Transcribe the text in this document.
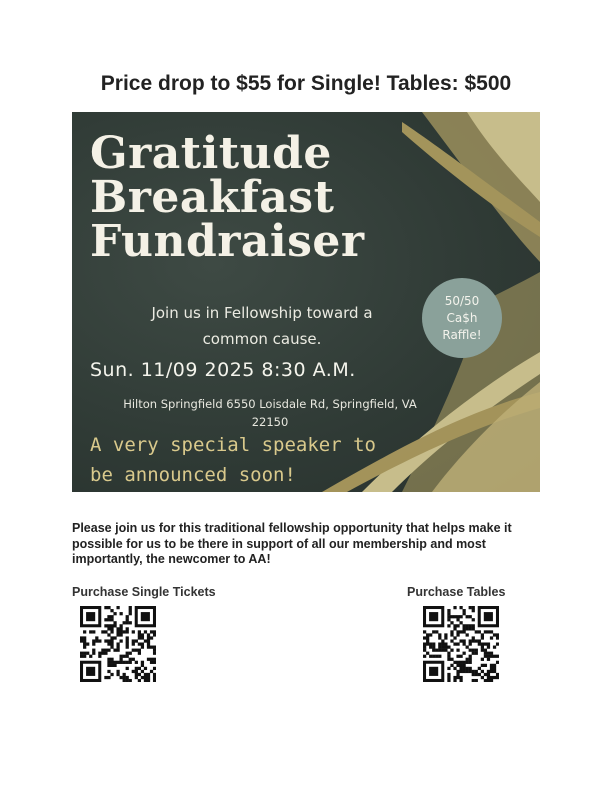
Price drop to $55 for Single! Tables: $500
Gratitude
Breakfast
Fundraiser
Join us in Fellowship toward a
common cause.
Sun. 11/09 2025 8:30 A.M.
Hilton Springfield 6550 Loisdale Rd, Springfield, VA
22150
A very special speaker to
be announced soon!
50/50
Ca$h
Raffle!
Please join us for this traditional fellowship opportunity that helps make it possible for us to be there in support of all our membership and most importantly, the newcomer to AA!
Purchase Single Tickets	Purchase Tables
